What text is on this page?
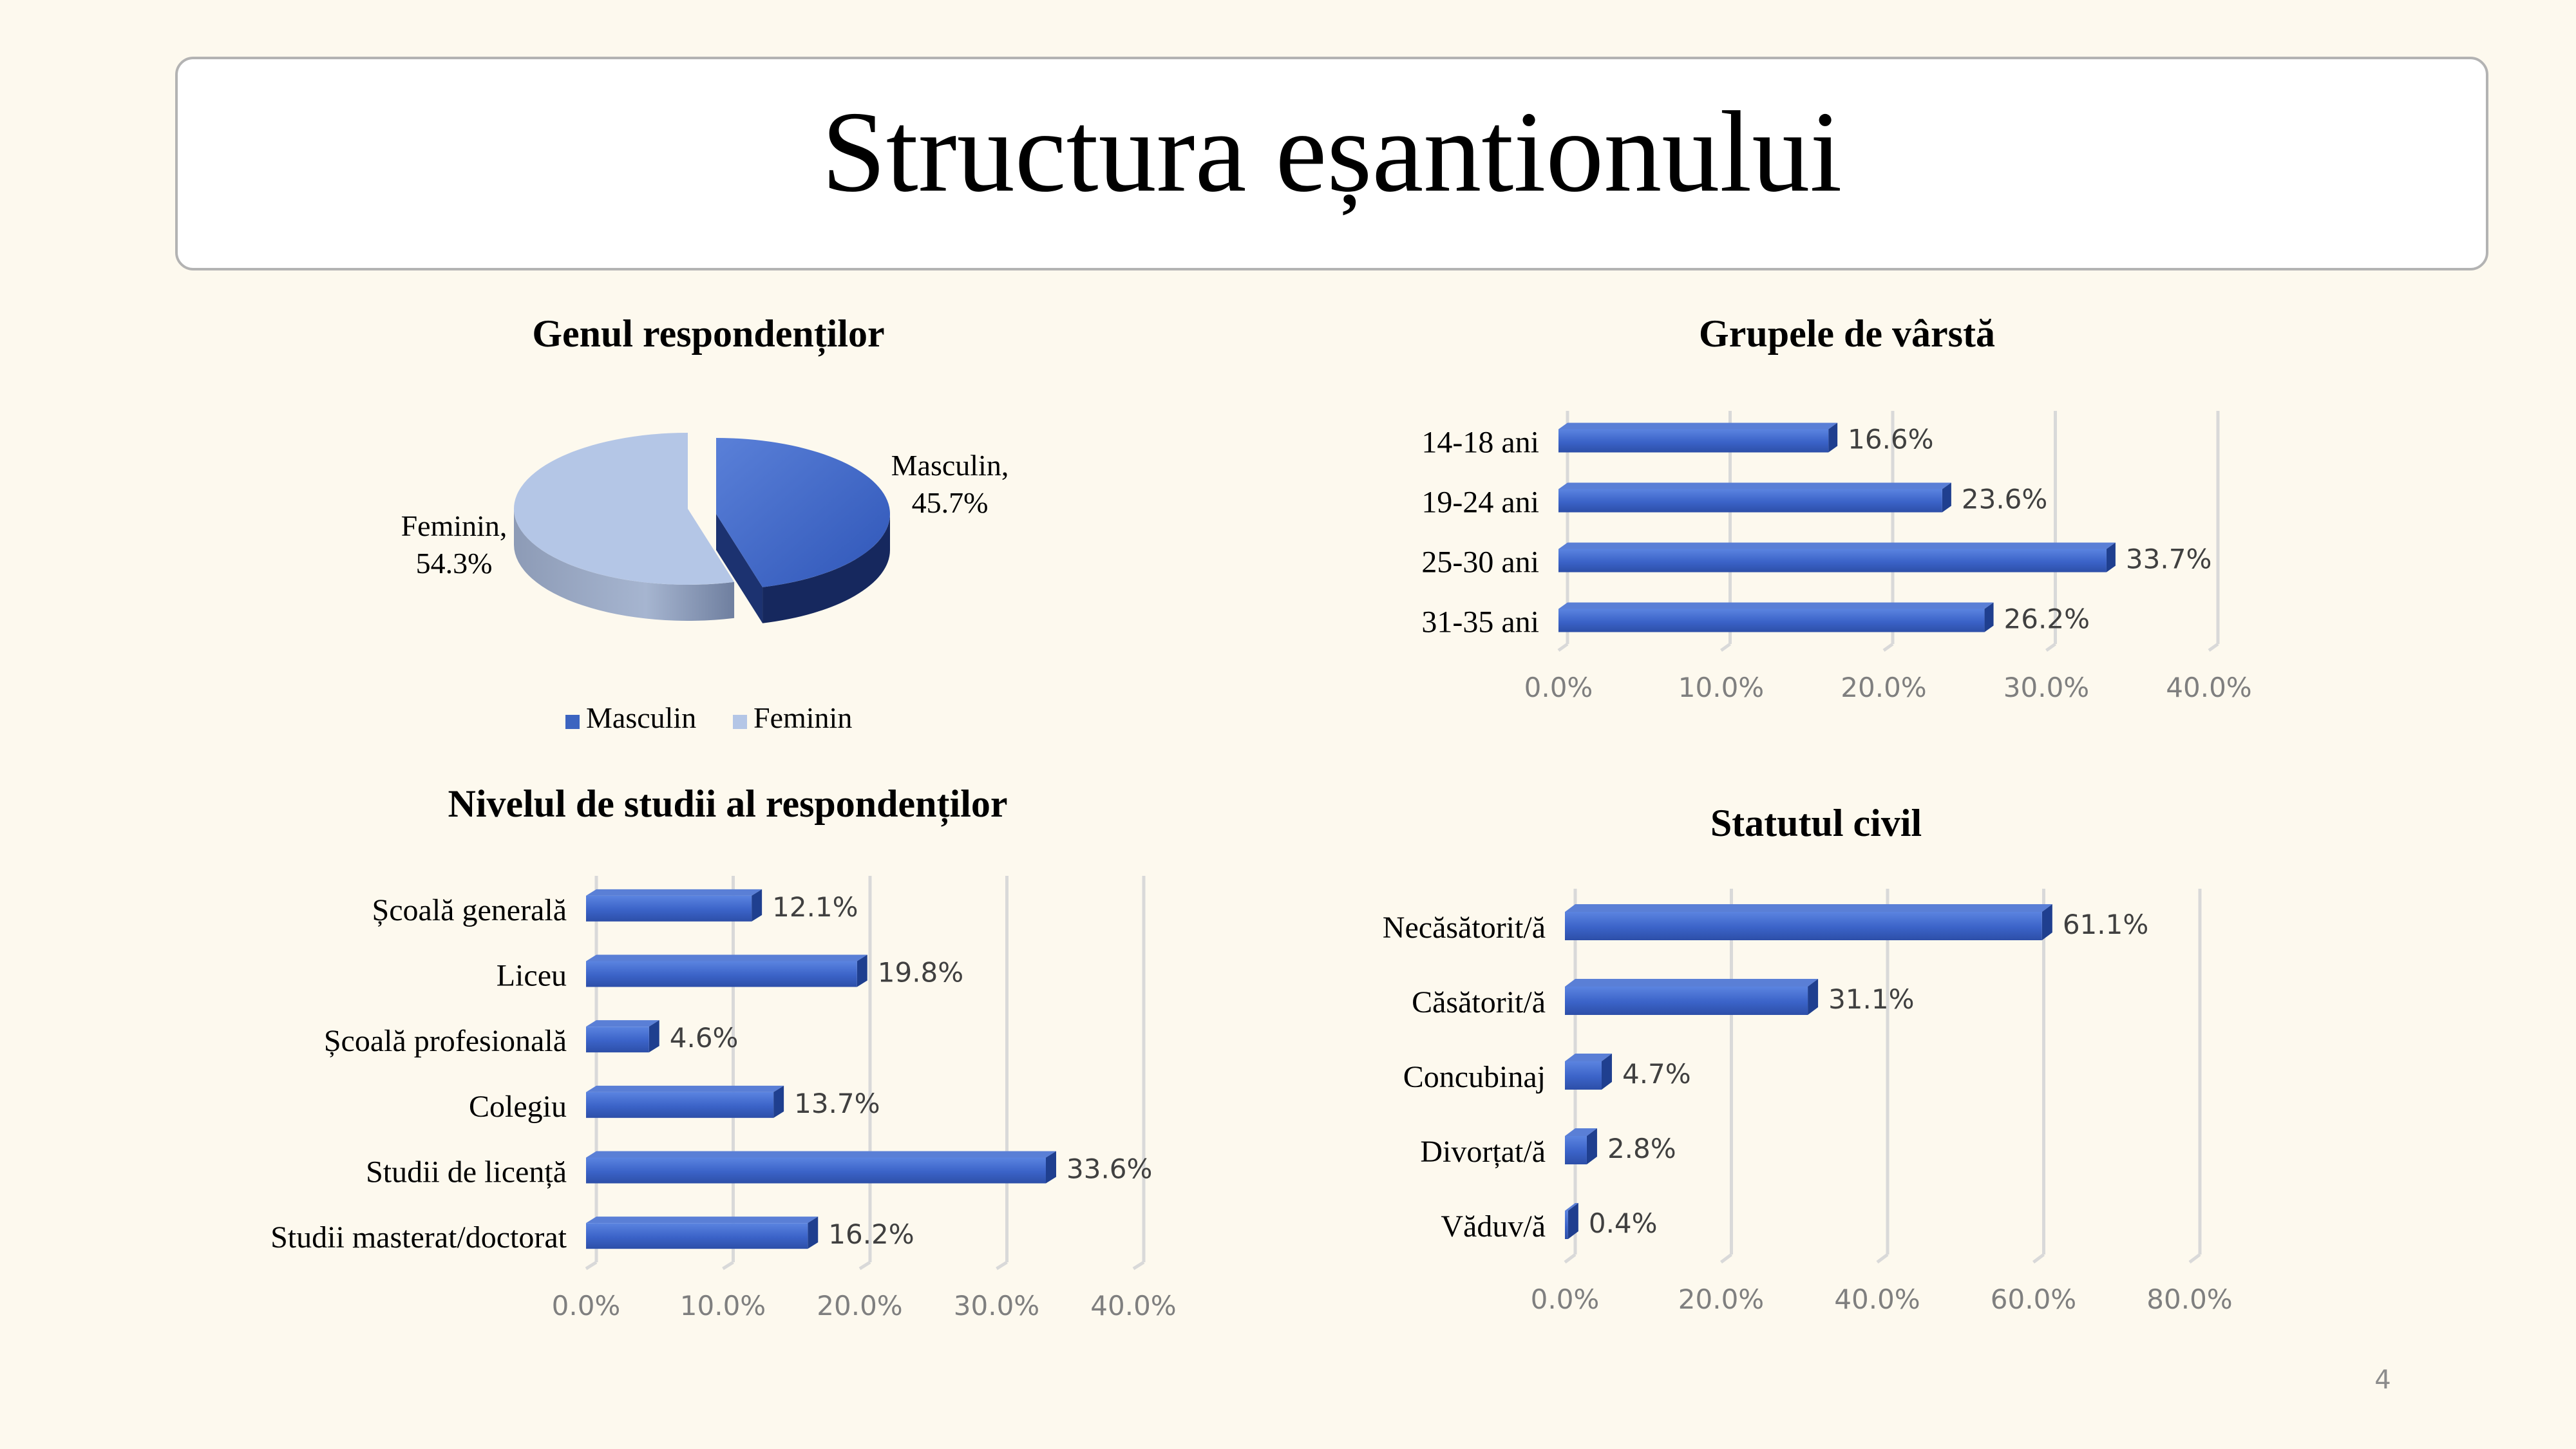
Structura eșantionului
Genul respondenților
Masculin, 45.7%
Feminin, 54.3%
Masculin Feminin
Grupele de vârstă
0.0%	10.0%	20.0%	30.0%	40.0%
14-18 ani	16.6%
19-24 ani	23.6%
25-30 ani	33.7%
31-35 ani	26.2%
Nivelul de studii al respondenților
0.0% 10.0% 20.0% 30.0% 40.0%
Școală generală	12.1%
Liceu	19.8%
Școală profesională	4.6%
Colegiu	13.7%
Studii de licență	33.6%
Studii masterat/doctorat	16.2%
Statutul civil
0.0%	20.0%	40.0%	60.0%	80.0%
Necăsătorit/ă	61.1%
Căsătorit/ă	31.1%
Concubinaj	4.7%
Divorțat/ă 2.8%
Văduv/ă 0.4%
4
